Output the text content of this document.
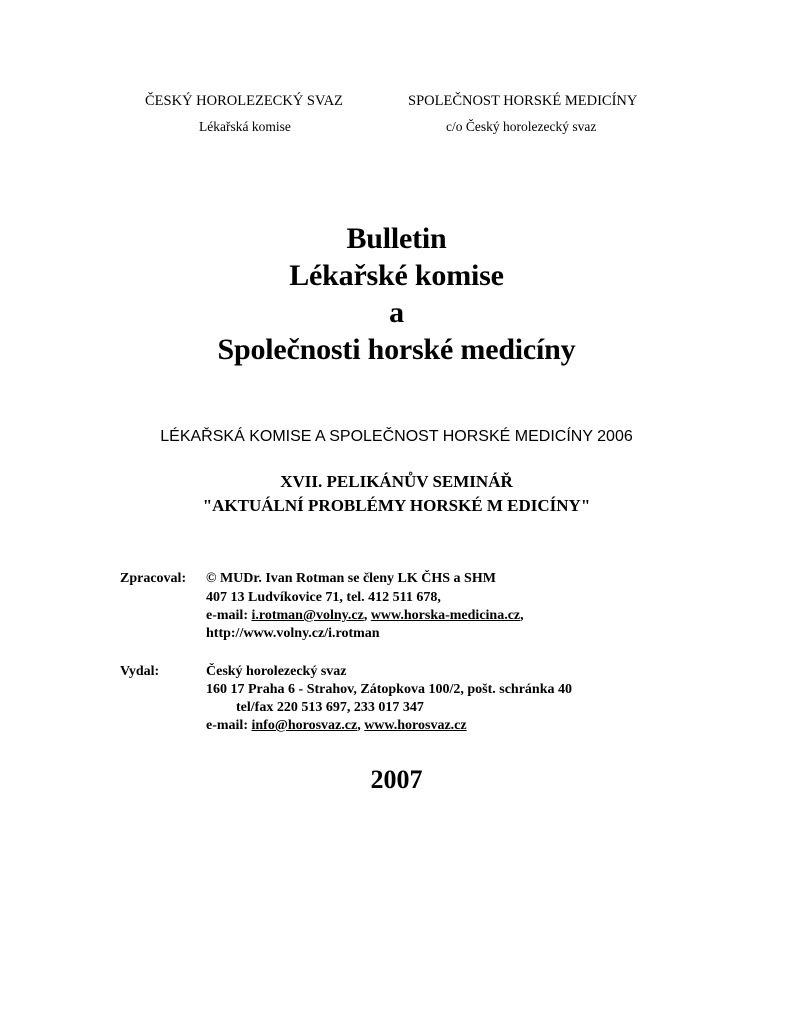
ČESKÝ HOROLEZECKÝ SVAZ
Lékařská komise
SPOLEČNOST HORSKÉ MEDICÍNY
c/o Český horolezecký svaz
Bulletin
Lékařské komise
a
Společnosti horské medicíny
LÉKAŘSKÁ KOMISE A SPOLEČNOST HORSKÉ MEDICÍNY 2006
XVII. PELIKÁNŮV SEMINÁŘ
"AKTUÁLNÍ PROBLÉMY HORSKÉ M EDICÍNY"
Zpracoval: © MUDr. Ivan Rotman se členy LK ČHS a SHM
407 13 Ludvíkovice 71, tel. 412 511 678,
e-mail: i.rotman@volny.cz, www.horska-medicina.cz,
http://www.volny.cz/i.rotman
Vydal:	Český horolezecký svaz
160 17 Praha 6 - Strahov, Zátopkova 100/2, pošt. schránka 40
tel/fax 220 513 697, 233 017 347
e-mail: info@horosvaz.cz, www.horosvaz.cz
2007
